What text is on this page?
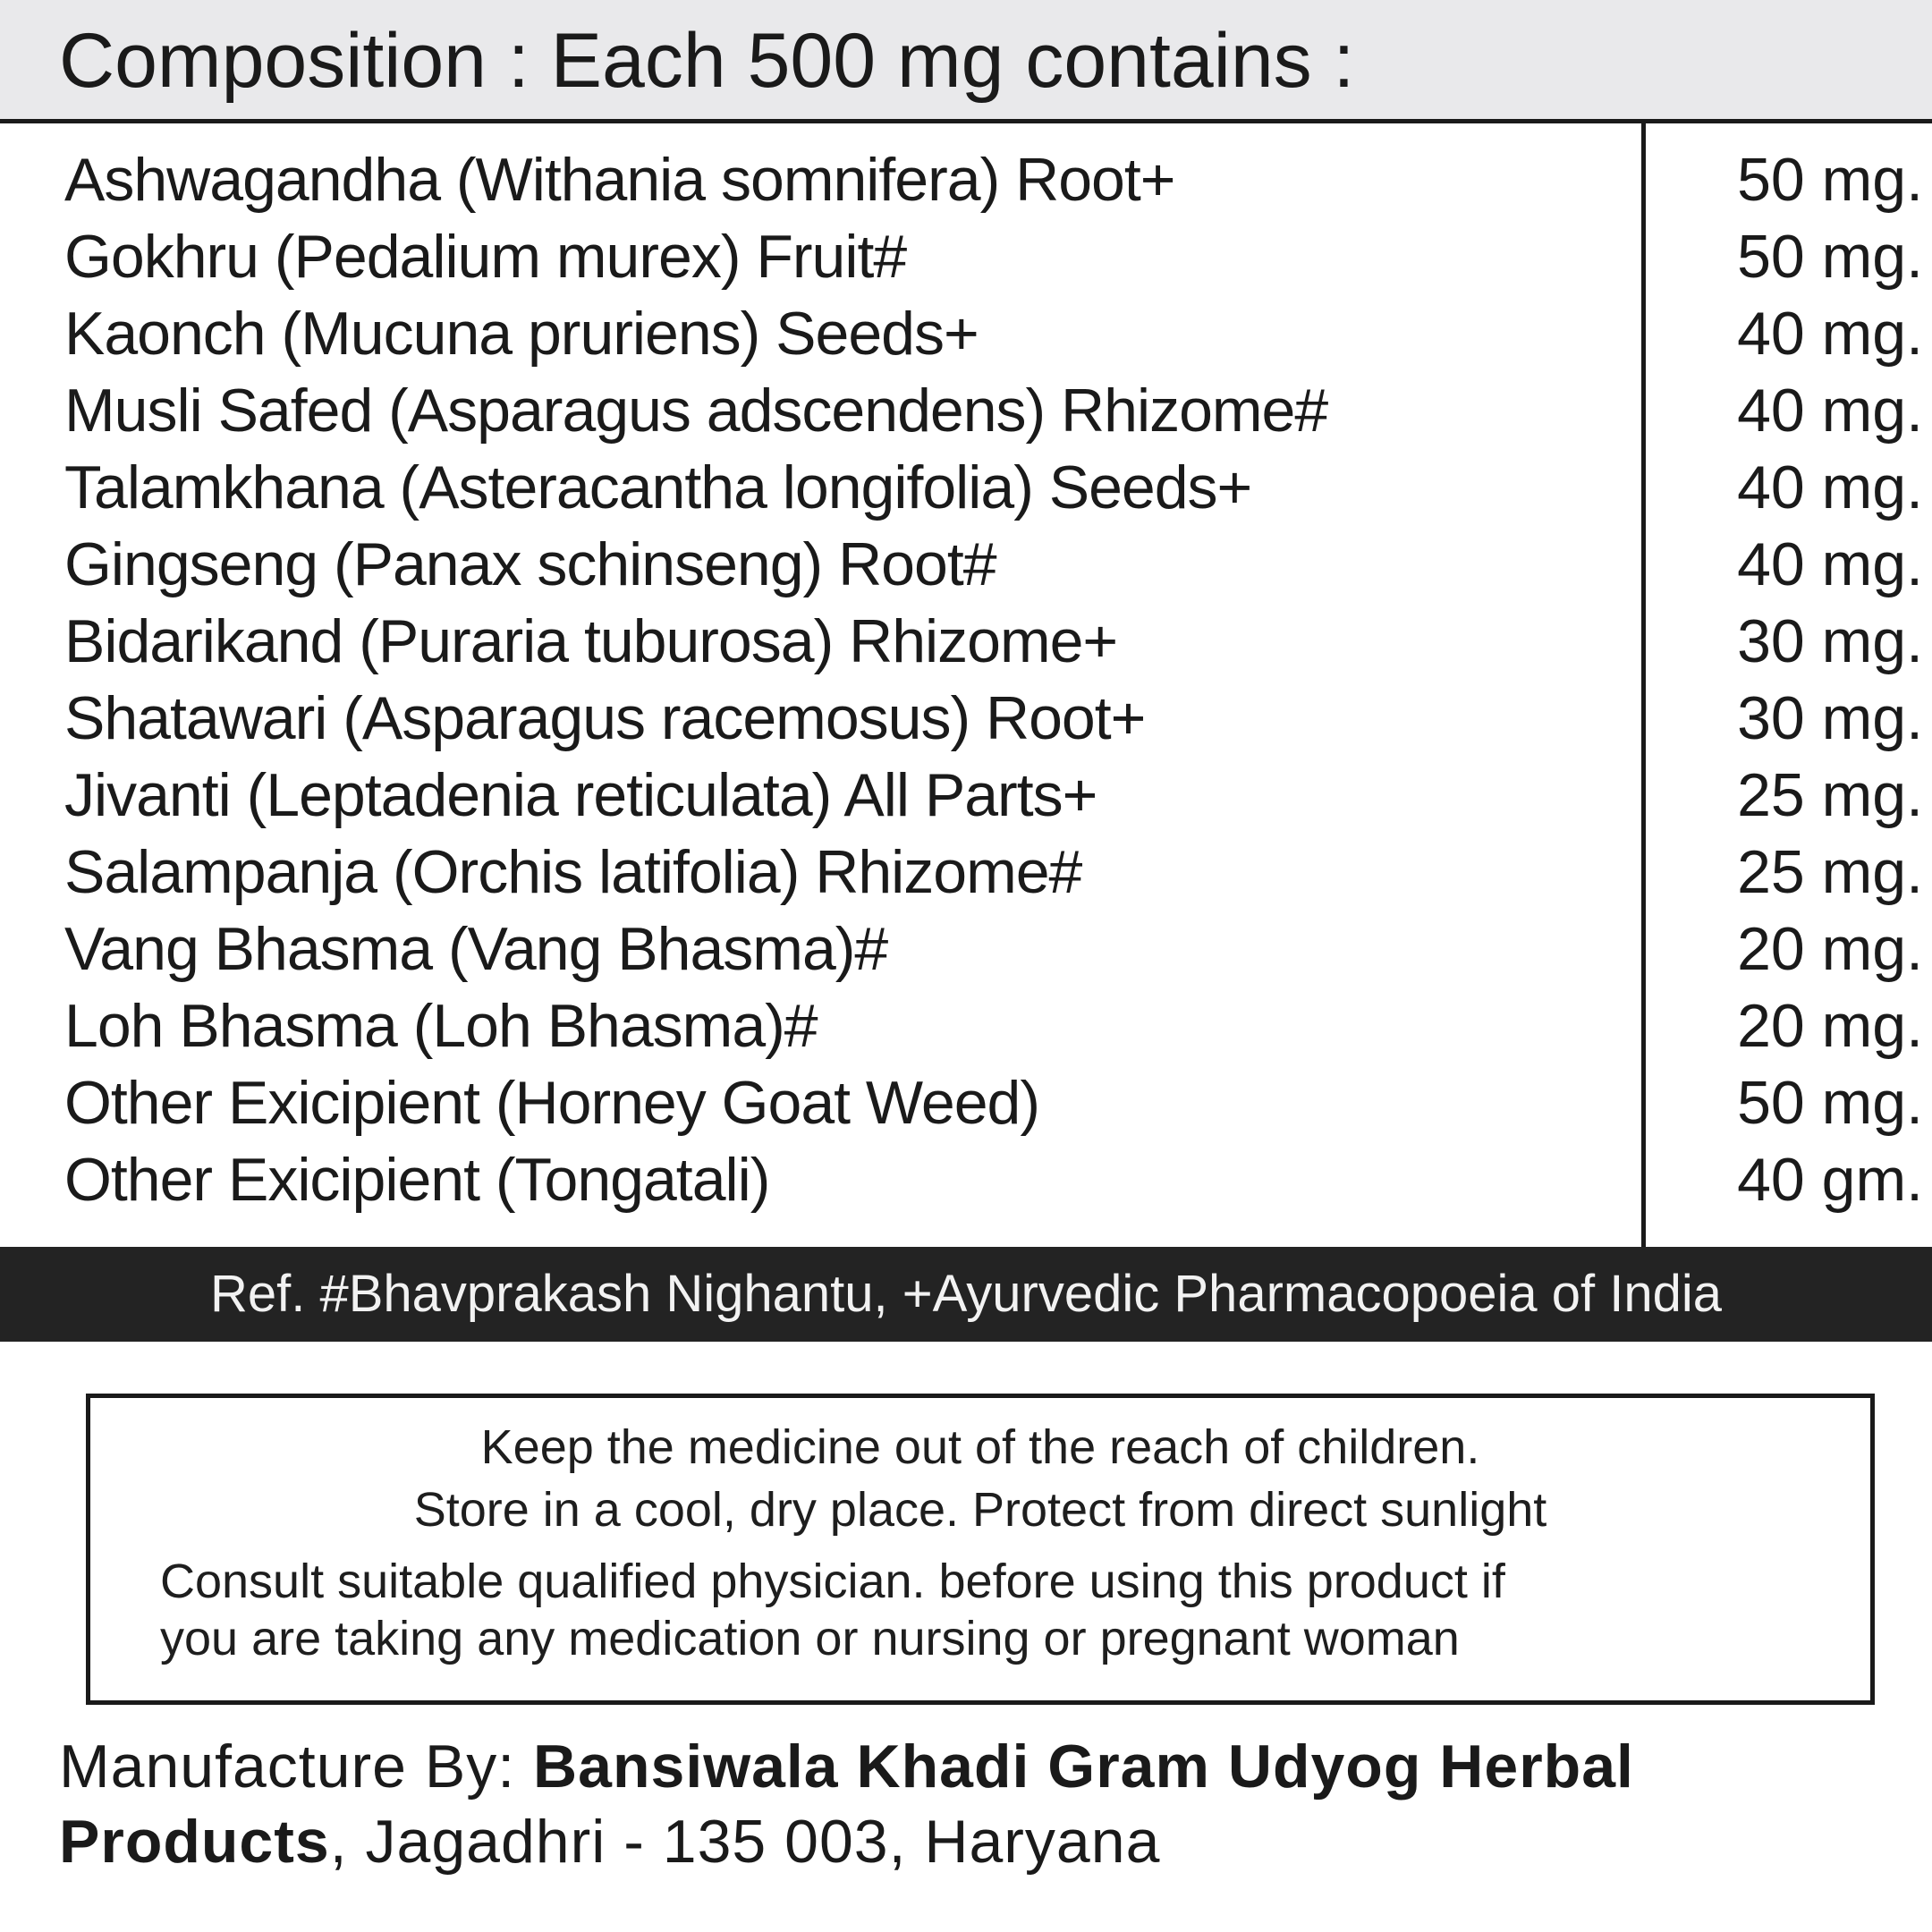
Composition : Each 500 mg contains :
Ashwagandha (Withania somnifera) Root+	50 mg.
Gokhru (Pedalium murex) Fruit#	50 mg.
Kaonch (Mucuna pruriens) Seeds+	40 mg.
Musli Safed (Asparagus adscendens) Rhizome#	40 mg.
Talamkhana (Asteracantha longifolia) Seeds+	40 mg.
Gingseng (Panax schinseng) Root#	40 mg.
Bidarikand (Puraria tuburosa) Rhizome+	30 mg.
Shatawari (Asparagus racemosus) Root+	30 mg.
Jivanti (Leptadenia reticulata) All Parts+	25 mg.
Salampanja (Orchis latifolia) Rhizome#	25 mg.
Vang Bhasma (Vang Bhasma)#	20 mg.
Loh Bhasma (Loh Bhasma)#	20 mg.
Other Exicipient (Horney Goat Weed)	50 mg.
Other Exicipient (Tongatali)	40 gm.
Ref. #Bhavprakash Nighantu, +Ayurvedic Pharmacopoeia of India
Keep the medicine out of the reach of children.
Store in a cool, dry place. Protect from direct sunlight
Consult suitable qualified physician. before using this product if
you are taking any medication or nursing or pregnant woman
Manufacture By: Bansiwala Khadi Gram Udyog Herbal
Products, Jagadhri - 135 003, Haryana
